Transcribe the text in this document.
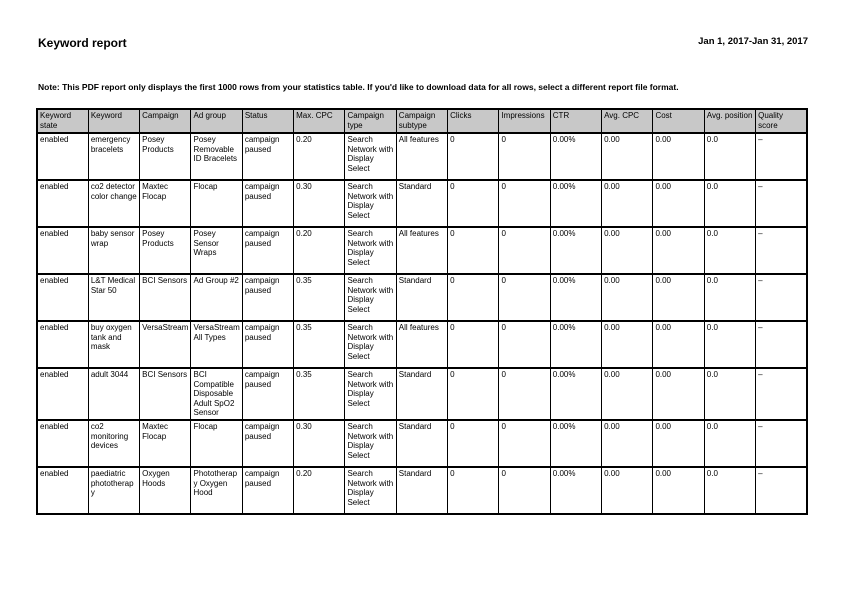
Keyword report	Jan 1, 2017-Jan 31, 2017

Note: This PDF report only displays the first 1000 rows from your statistics table. If you'd like to download data for all rows, select a different report file format.

Keyword state	Keyword	Campaign	Ad group	Status	Max. CPC	Campaign type	Campaign subtype	Clicks	Impressions	CTR	Avg. CPC	Cost	Avg. position	Quality score
enabled	emergency bracelets	Posey Products	Posey Removable ID Bracelets	campaign paused	0.20	Search Network with Display Select	All features	0	0	0.00%	0.00	0.00	0.0	–
enabled	co2 detector color change	Maxtec Flocap	Flocap	campaign paused	0.30	Search Network with Display Select	Standard	0	0	0.00%	0.00	0.00	0.0	–
enabled	baby sensor wrap	Posey Products	Posey Sensor Wraps	campaign paused	0.20	Search Network with Display Select	All features	0	0	0.00%	0.00	0.00	0.0	–
enabled	L&T Medical Star 50	BCI Sensors	Ad Group #2	campaign paused	0.35	Search Network with Display Select	Standard	0	0	0.00%	0.00	0.00	0.0	–
enabled	buy oxygen tank and mask	VersaStream	VersaStream All Types	campaign paused	0.35	Search Network with Display Select	All features	0	0	0.00%	0.00	0.00	0.0	–
enabled	adult 3044	BCI Sensors	BCI Compatible Disposable Adult SpO2 Sensor	campaign paused	0.35	Search Network with Display Select	Standard	0	0	0.00%	0.00	0.00	0.0	–
enabled	co2 monitoring devices	Maxtec Flocap	Flocap	campaign paused	0.30	Search Network with Display Select	Standard	0	0	0.00%	0.00	0.00	0.0	–
enabled	paediatric phototherapy	Oxygen Hoods	Phototherapy Oxygen Hood	campaign paused	0.20	Search Network with Display Select	Standard	0	0	0.00%	0.00	0.00	0.0	–
